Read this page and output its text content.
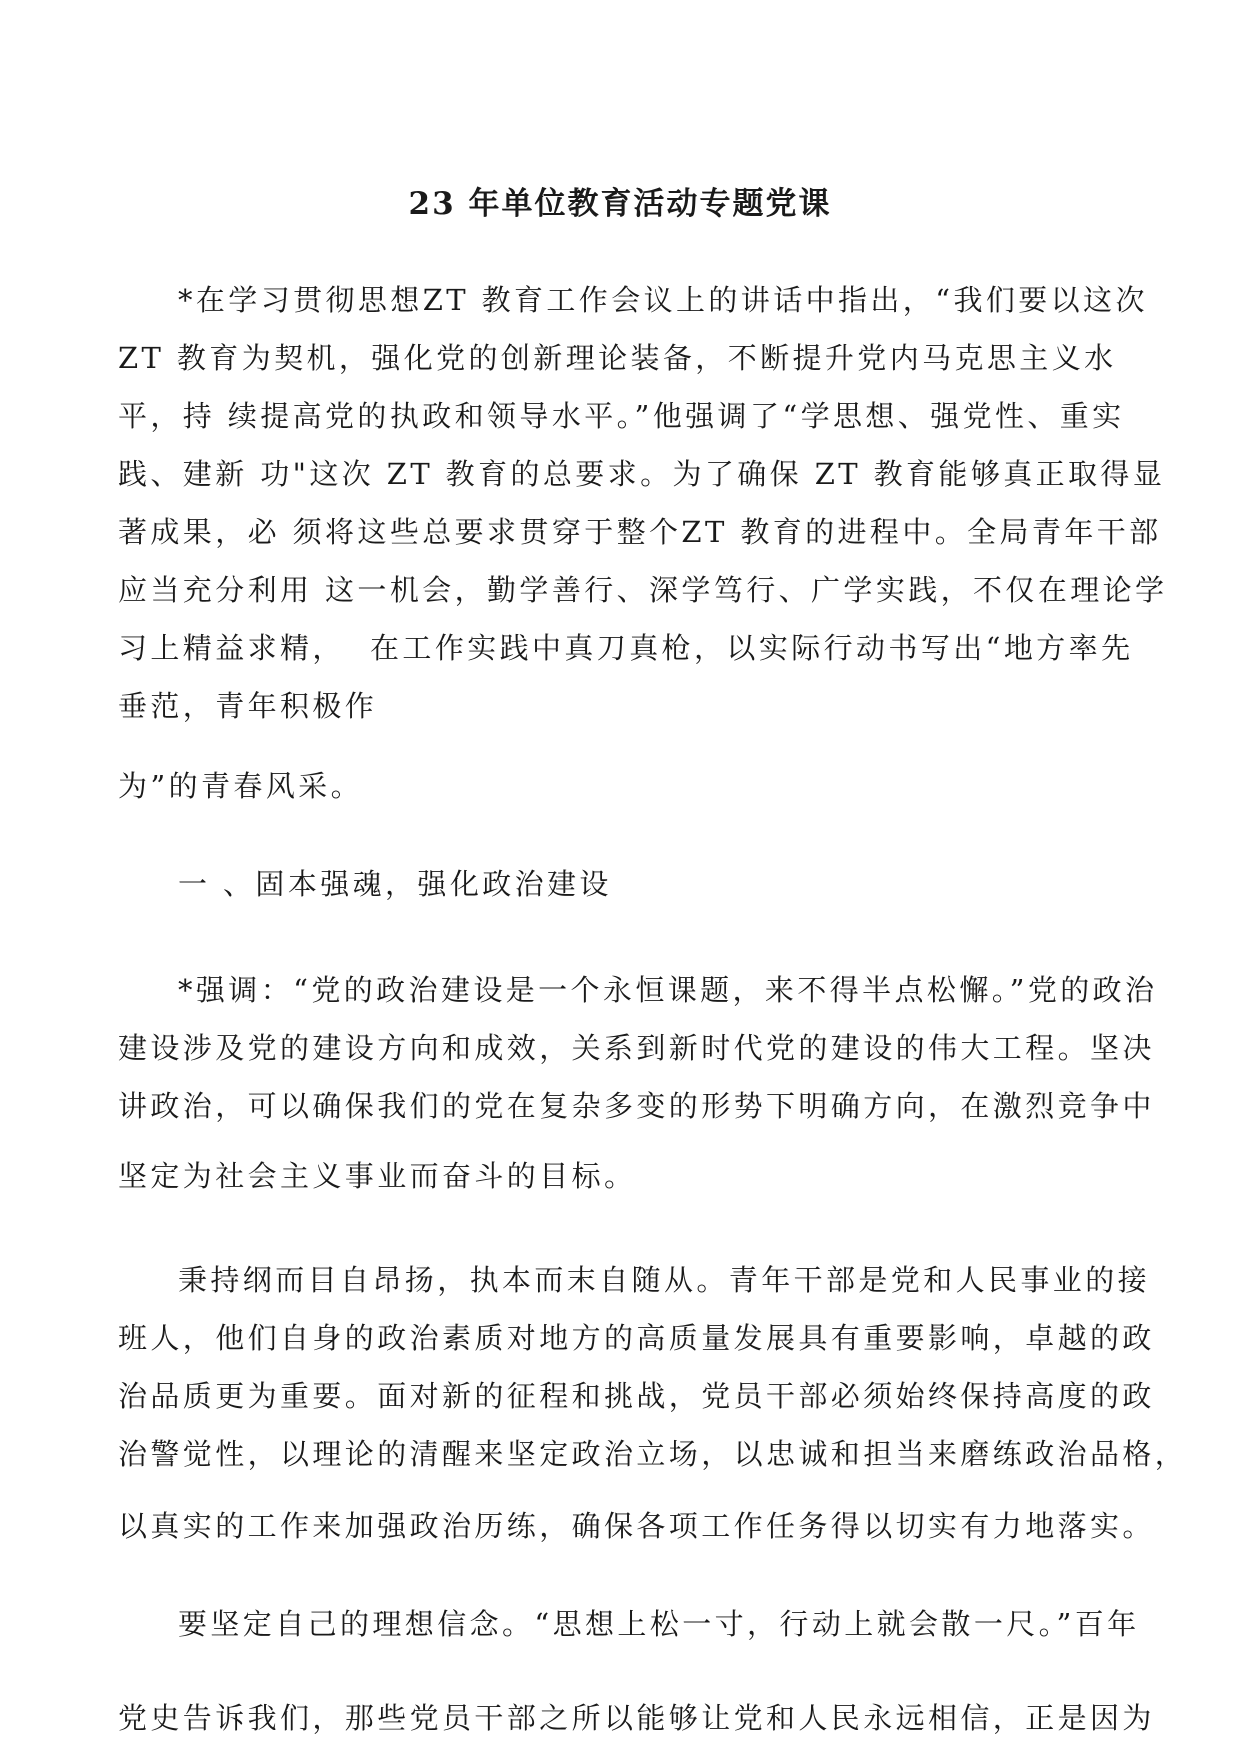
23 年单位教育活动专题党课
*在学习贯彻思想ZT 教育工作会议上的讲话中指出，“我们要以这次
ZT 教育为契机，强化党的创新理论装备，不断提升党内马克思主义水
平，持 续提高党的执政和领导水平。”他强调了“学思想、强党性、重实
践、建新 功"这次 ZT 教育的总要求。为了确保 ZT 教育能够真正取得显
著成果，必 须将这些总要求贯穿于整个ZT 教育的进程中。全局青年干部
应当充分利用 这一机会，勤学善行、深学笃行、广学实践，不仅在理论学
习上精益求精，  在工作实践中真刀真枪，以实际行动书写出“地方率先
垂范，青年积极作
为”的青春风采。
一 、固本强魂，强化政治建设
*强调：“党的政治建设是一个永恒课题，来不得半点松懈。”党的政治
建设涉及党的建设方向和成效，关系到新时代党的建设的伟大工程。坚决
讲政治，可以确保我们的党在复杂多变的形势下明确方向，在激烈竞争中
坚定为社会主义事业而奋斗的目标。
秉持纲而目自昂扬，执本而末自随从。青年干部是党和人民事业的接
班人，他们自身的政治素质对地方的高质量发展具有重要影响，卓越的政
治品质更为重要。面对新的征程和挑战，党员干部必须始终保持高度的政
治警觉性，以理论的清醒来坚定政治立场，以忠诚和担当来磨练政治品格，
以真实的工作来加强政治历练，确保各项工作任务得以切实有力地落实。
要坚定自己的理想信念。“思想上松一寸，行动上就会散一尺。”百年
党史告诉我们，那些党员干部之所以能够让党和人民永远相信，正是因为
